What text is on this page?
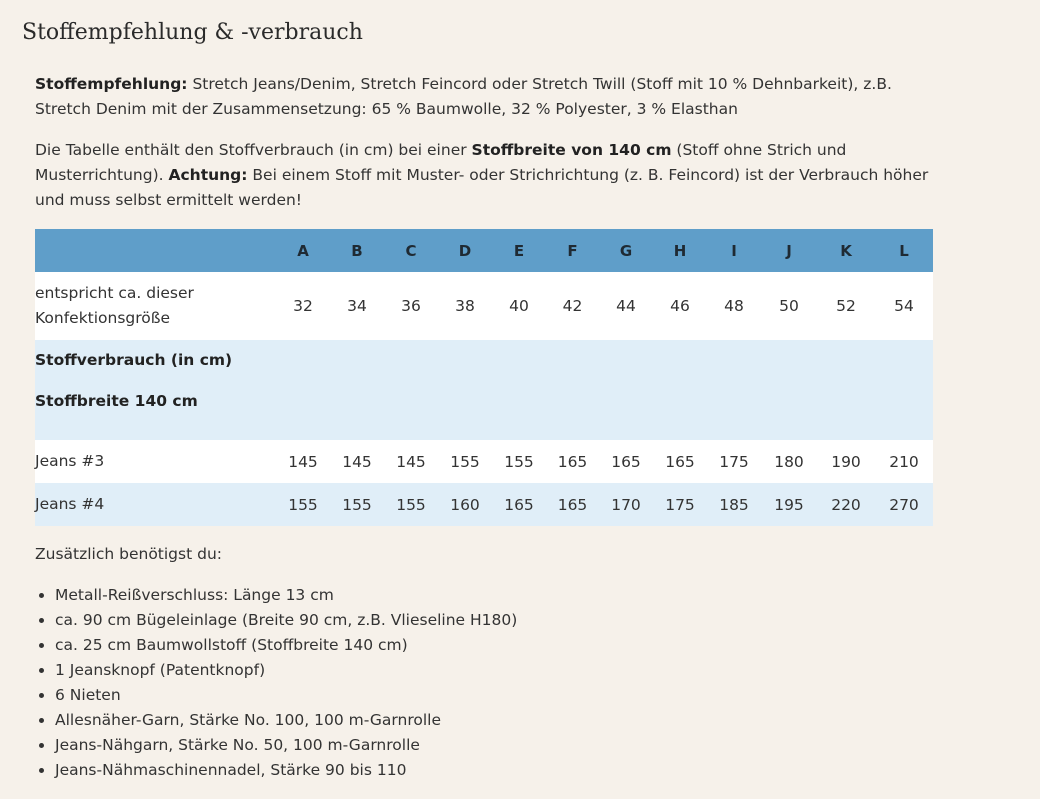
Stoffempfehlung & -verbrauch

Stoffempfehlung: Stretch Jeans/Denim, Stretch Feincord oder Stretch Twill (Stoff mit 10 % Dehnbarkeit), z.B. Stretch Denim mit der Zusammensetzung: 65 % Baumwolle, 32 % Polyester, 3 % Elasthan

Die Tabelle enthält den Stoffverbrauch (in cm) bei einer Stoffbreite von 140 cm (Stoff ohne Strich und Musterrichtung). Achtung: Bei einem Stoff mit Muster- oder Strichrichtung (z. B. Feincord) ist der Verbrauch höher und muss selbst ermittelt werden!

	A	B	C	D	E	F	G	H	I	J	K	L
entspricht ca. dieser Konfektionsgröße	32	34	36	38	40	42	44	46	48	50	52	54

Stoffverbrauch (in cm)
Stoffbreite 140 cm												

Jeans #3	145	145	145	155	155	165	165	165	175	180	190	210
Jeans #4	155	155	155	160	165	165	170	175	185	195	220	270

Zusätzlich benötigst du:

• Metall-Reißverschluss: Länge 13 cm
• ca. 90 cm Bügeleinlage (Breite 90 cm, z.B. Vlieseline H180)
• ca. 25 cm Baumwollstoff (Stoffbreite 140 cm)
• 1 Jeansknopf (Patentknopf)
• 6 Nieten
• Allesnäher-Garn, Stärke No. 100, 100 m-Garnrolle
• Jeans-Nähgarn, Stärke No. 50, 100 m-Garnrolle
• Jeans-Nähmaschinennadel, Stärke 90 bis 110
